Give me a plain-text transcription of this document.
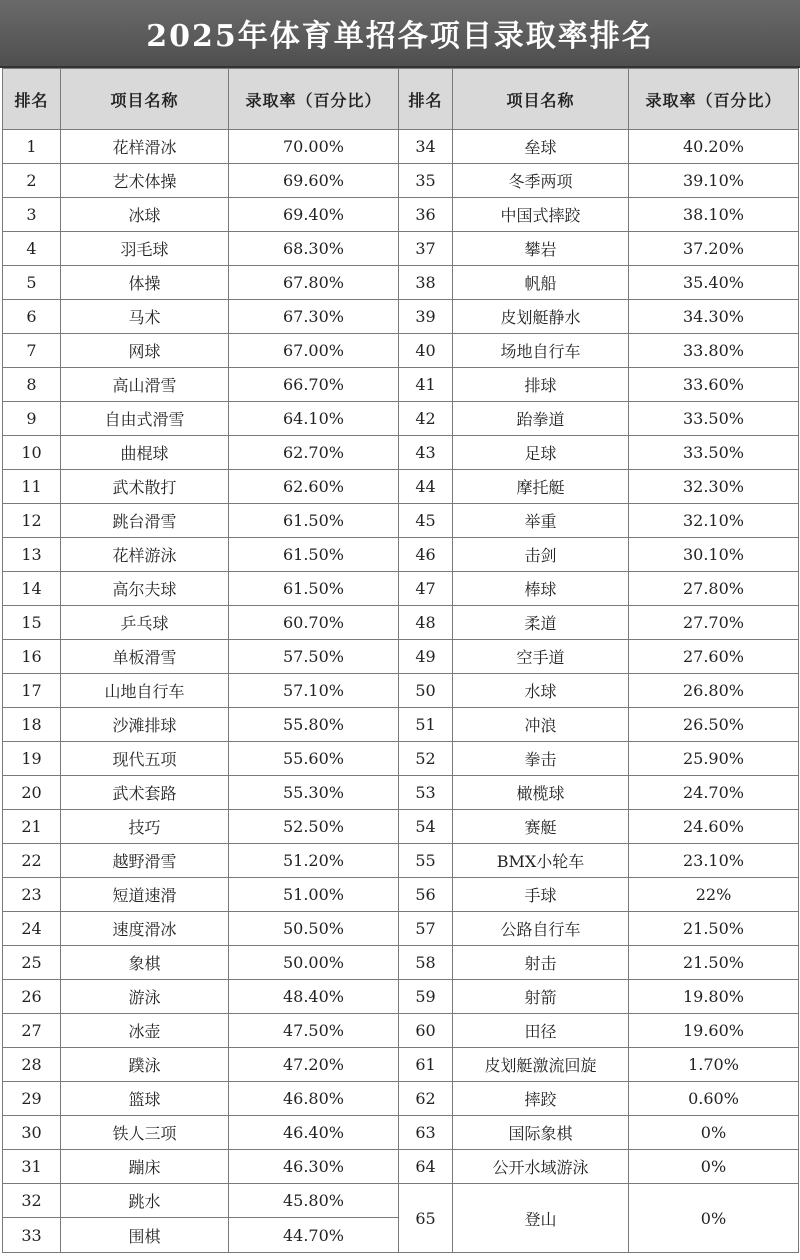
2025年体育单招各项目录取率排名
排名	项目名称	录取率（百分比）	排名	项目名称	录取率（百分比）
1	花样滑冰	70.00%	34	垒球	40.20%
2	艺术体操	69.60%	35	冬季两项	39.10%
3	冰球	69.40%	36	中国式摔跤	38.10%
4	羽毛球	68.30%	37	攀岩	37.20%
5	体操	67.80%	38	帆船	35.40%
6	马术	67.30%	39	皮划艇静水	34.30%
7	网球	67.00%	40	场地自行车	33.80%
8	高山滑雪	66.70%	41	排球	33.60%
9	自由式滑雪	64.10%	42	跆拳道	33.50%
10	曲棍球	62.70%	43	足球	33.50%
11	武术散打	62.60%	44	摩托艇	32.30%
12	跳台滑雪	61.50%	45	举重	32.10%
13	花样游泳	61.50%	46	击剑	30.10%
14	高尔夫球	61.50%	47	棒球	27.80%
15	乒乓球	60.70%	48	柔道	27.70%
16	单板滑雪	57.50%	49	空手道	27.60%
17	山地自行车	57.10%	50	水球	26.80%
18	沙滩排球	55.80%	51	冲浪	26.50%
19	现代五项	55.60%	52	拳击	25.90%
20	武术套路	55.30%	53	橄榄球	24.70%
21	技巧	52.50%	54	赛艇	24.60%
22	越野滑雪	51.20%	55	BMX小轮车	23.10%
23	短道速滑	51.00%	56	手球	22%
24	速度滑冰	50.50%	57	公路自行车	21.50%
25	象棋	50.00%	58	射击	21.50%
26	游泳	48.40%	59	射箭	19.80%
27	冰壶	47.50%	60	田径	19.60%
28	蹼泳	47.20%	61	皮划艇激流回旋	1.70%
29	篮球	46.80%	62	摔跤	0.60%
30	铁人三项	46.40%	63	国际象棋	0%
31	蹦床	46.30%	64	公开水域游泳	0%
32	跳水	45.80%	65	登山	0%
33	围棋	44.70%			
